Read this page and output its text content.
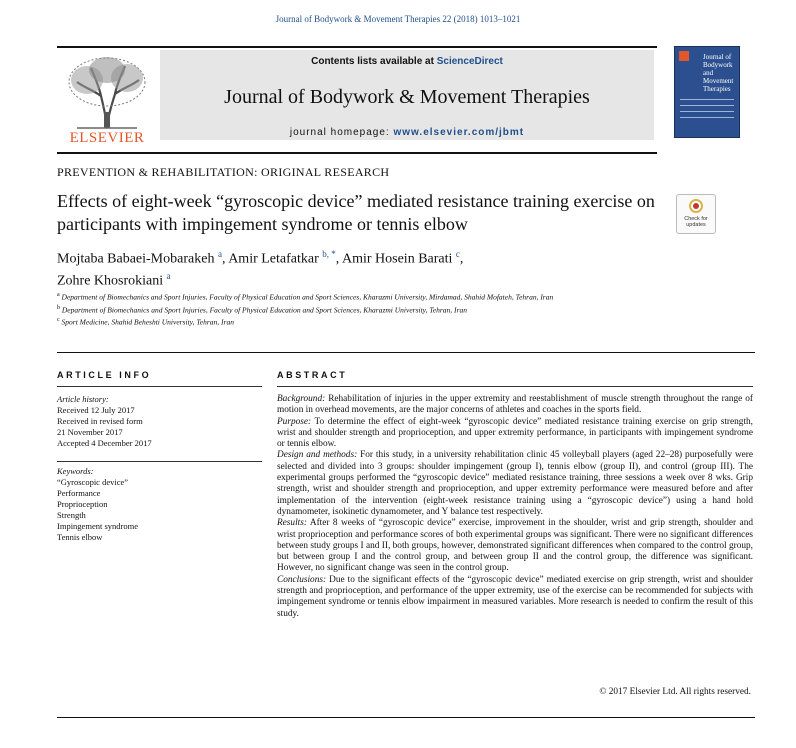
Journal of Bodywork & Movement Therapies 22 (2018) 1013–1021
ELSEVIER
Contents lists available at ScienceDirect
Journal of Bodywork & Movement Therapies
journal homepage: www.elsevier.com/jbmt
Journal of Bodywork and Movement Therapies
PREVENTION & REHABILITATION: ORIGINAL RESEARCH
Effects of eight-week “gyroscopic device” mediated resistance training exercise on participants with impingement syndrome or tennis elbow	Check for updates
Mojtaba Babaei-Mobarakeh $^a$, Amir Letafatkar $^{b, *}$, Amir Hosein Barati $^c$,
Zohre Khosrokiani $^a$
$^a$ Department of Biomechanics and Sport Injuries, Faculty of Physical Education and Sport Sciences, Kharazmi University, Mirdamad, Shahid Mofateh, Tehran, Iran
$^b$ Department of Biomechanics and Sport Injuries, Faculty of Physical Education and Sport Sciences, Kharazmi University, Tehran, Iran
$^c$ Sport Medicine, Shahid Beheshti University, Tehran, Iran
ARTICLE INFO	ABSTRACT
Article history:
Received 12 July 2017
Received in revised form
21 November 2017
Accepted 4 December 2017
Keywords:
“Gyroscopic device”
Performance
Proprioception
Strength
Impingement syndrome
Tennis elbow

Background: Rehabilitation of injuries in the upper extremity and reestablishment of muscle strength throughout the range of motion in overhead movements, are the major concerns of athletes and coaches in the sports field.

Purpose: To determine the effect of eight-week “gyroscopic device” mediated resistance training exercise on grip strength, wrist and shoulder strength and proprioception, and upper extremity performance, in participants with impingement syndrome or tennis elbow.

Design and methods: For this study, in a university rehabilitation clinic 45 volleyball players (aged 22–28) purposefully were selected and divided into 3 groups: shoulder impingement (group I), tennis elbow (group II), and control (group III). The experimental groups performed the “gyroscopic device” mediated resistance training, three sessions a week over 8 wks. Grip strength, wrist and shoulder strength and proprioception, and upper extremity performance were measured before and after implementation of the intervention (eight-week resistance training using a “gyroscopic device”) using a hand hold dynamometer, isokinetic dynamometer, and Y balance test respectively.

Results: After 8 weeks of “gyroscopic device” exercise, improvement in the shoulder, wrist and grip strength, shoulder and wrist proprioception and performance scores of both experimental groups was significant. There were no significant differences between study groups I and II, both groups, however, demonstrated significant differences when compared to the control group, but between group I and the control group, and between group II and the control group, the difference was significant. However, no significant change was seen in the control group.

Conclusions: Due to the significant effects of the “gyroscopic device” mediated exercise on grip strength, wrist and shoulder strength and proprioception, and performance of the upper extremity, use of the exercise can be recommended for subjects with impingement syndrome or tennis elbow impairment in measured variables. More research is needed to confirm the result of this study.

© 2017 Elsevier Ltd. All rights reserved.
